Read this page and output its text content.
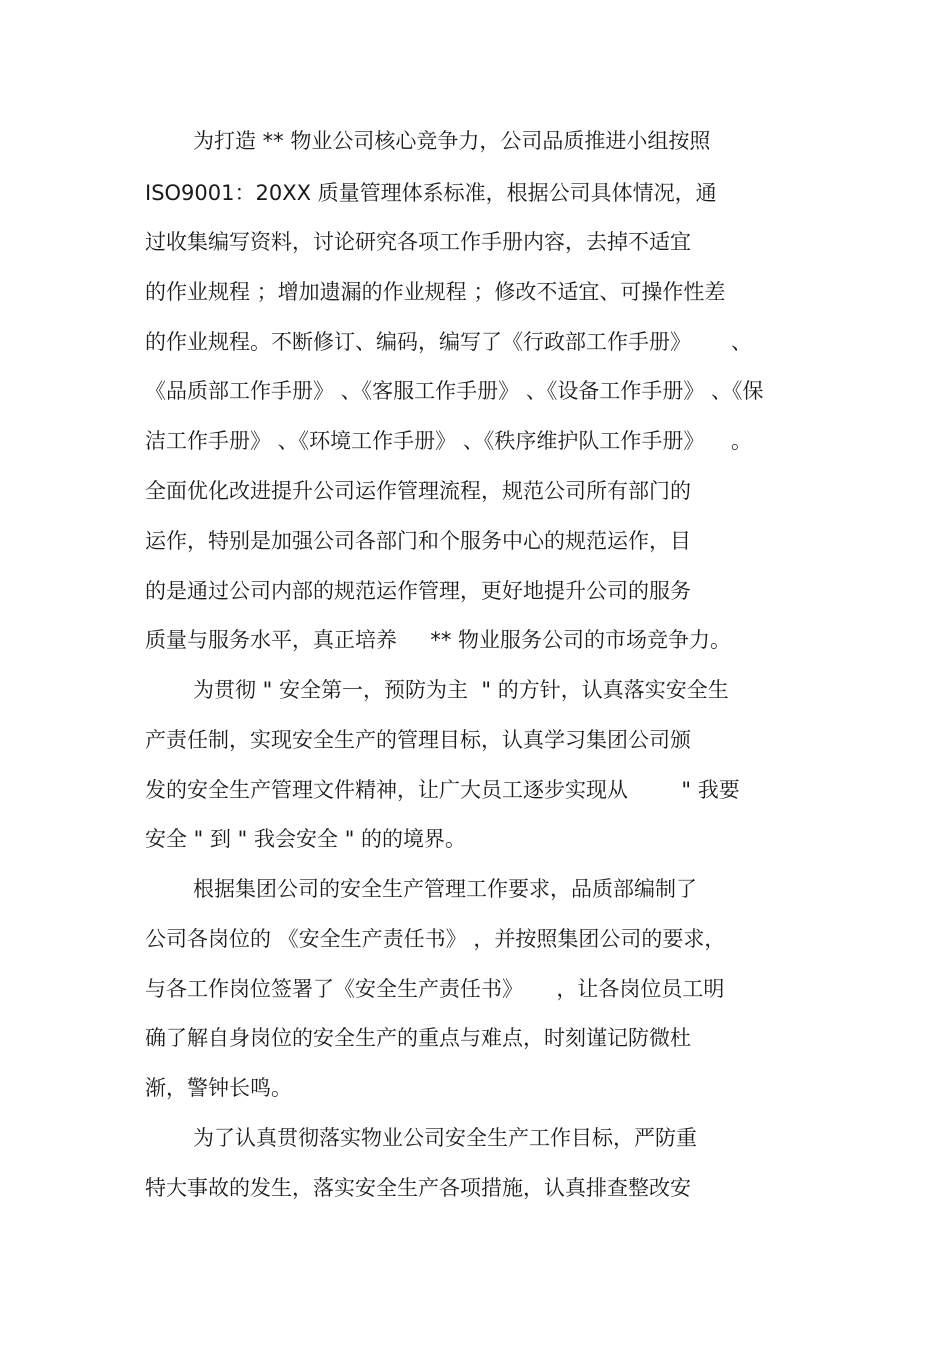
为打造 ** 物业公司核心竞争力，公司品质推进小组按照
ISO9001：20XX 质量管理体系标准，根据公司具体情况，通
过收集编写资料，讨论研究各项工作手册内容，去掉不适宜
的作业规程 ；增加遗漏的作业规程 ；修改不适宜、可操作性差
的作业规程。不断修订、编码，编写了《行政部工作手册》      、
《品质部工作手册》 、《客服工作手册》 、《设备工作手册》 、《保
洁工作手册》 、《环境工作手册》 、《秩序维护队工作手册》    。
全面优化改进提升公司运作管理流程，规范公司所有部门的
运作，特别是加强公司各部门和个服务中心的规范运作，目
的是通过公司内部的规范运作管理，更好地提升公司的服务
质量与服务水平，真正培养     ** 物业服务公司的市场竞争力。
为贯彻 " 安全第一，预防为主  " 的方针，认真落实安全生
产责任制，实现安全生产的管理目标，认真学习集团公司颁
发的安全生产管理文件精神，让广大员工逐步实现从        " 我要
安全 " 到 " 我会安全 " 的的境界。
根据集团公司的安全生产管理工作要求，品质部编制了
公司各岗位的 《安全生产责任书》 ，并按照集团公司的要求，
与各工作岗位签署了《安全生产责任书》     ，让各岗位员工明
确了解自身岗位的安全生产的重点与难点，时刻谨记防微杜
渐，警钟长鸣。
为了认真贯彻落实物业公司安全生产工作目标，严防重
特大事故的发生，落实安全生产各项措施，认真排查整改安
